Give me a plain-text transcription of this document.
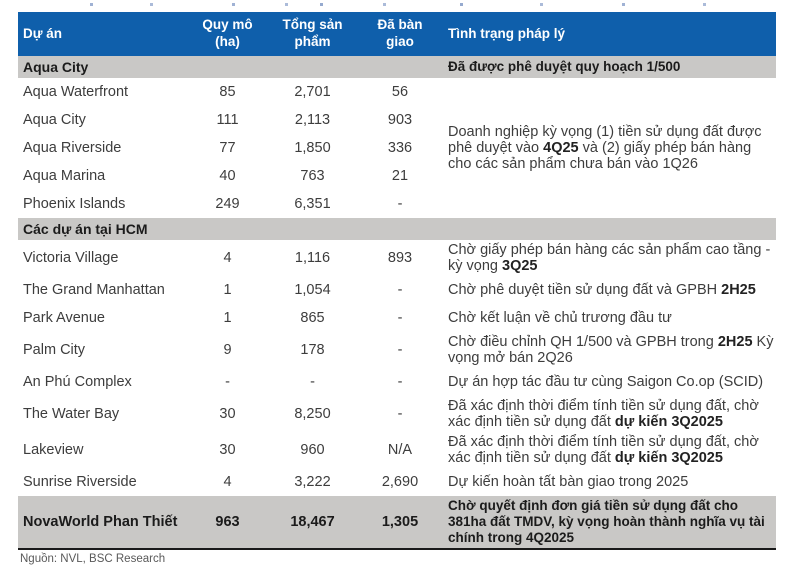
Dự án	Quy mô (ha)	Tổng sản phẩm	Đã bàn giao	Tình trạng pháp lý
Aqua City				Đã được phê duyệt quy hoạch 1/500
Aqua Waterfront	85	2,701	56	Doanh nghiệp kỳ vọng (1) tiền sử dụng đất được phê duyệt vào 4Q25 và (2) giấy phép bán hàng cho các sản phẩm chưa bán vào 1Q26
Aqua City	111	2,113	903	
Aqua Riverside	77	1,850	336	
Aqua Marina	40	763	21	
Phoenix Islands	249	6,351	-	
Các dự án tại HCM				
Victoria Village	4	1,116	893	Chờ giấy phép bán hàng các sản phẩm cao tầng - kỳ vọng 3Q25
The Grand Manhattan	1	1,054	-	Chờ phê duyệt tiền sử dụng đất và GPBH 2H25
Park Avenue	1	865	-	Chờ kết luận về chủ trương đầu tư
Palm City	9	178	-	Chờ điều chỉnh QH 1/500 và GPBH trong 2H25 Kỳ vọng mở bán 2Q26
An Phú Complex	-	-	-	Dự án hợp tác đầu tư cùng Saigon Co.op (SCID)
The Water Bay	30	8,250	-	Đã xác định thời điểm tính tiền sử dụng đất, chờ xác định tiền sử dụng đất dự kiến 3Q2025
Lakeview	30	960	N/A	Đã xác định thời điểm tính tiền sử dụng đất, chờ xác định tiền sử dụng đất dự kiến 3Q2025
Sunrise Riverside	4	3,222	2,690	Dự kiến hoàn tất bàn giao trong 2025
NovaWorld Phan Thiết	963	18,467	1,305	Chờ quyết định đơn giá tiền sử dụng đất cho 381ha đất TMDV, kỳ vọng hoàn thành nghĩa vụ tài chính trong 4Q2025
Nguồn: NVL, BSC Research
